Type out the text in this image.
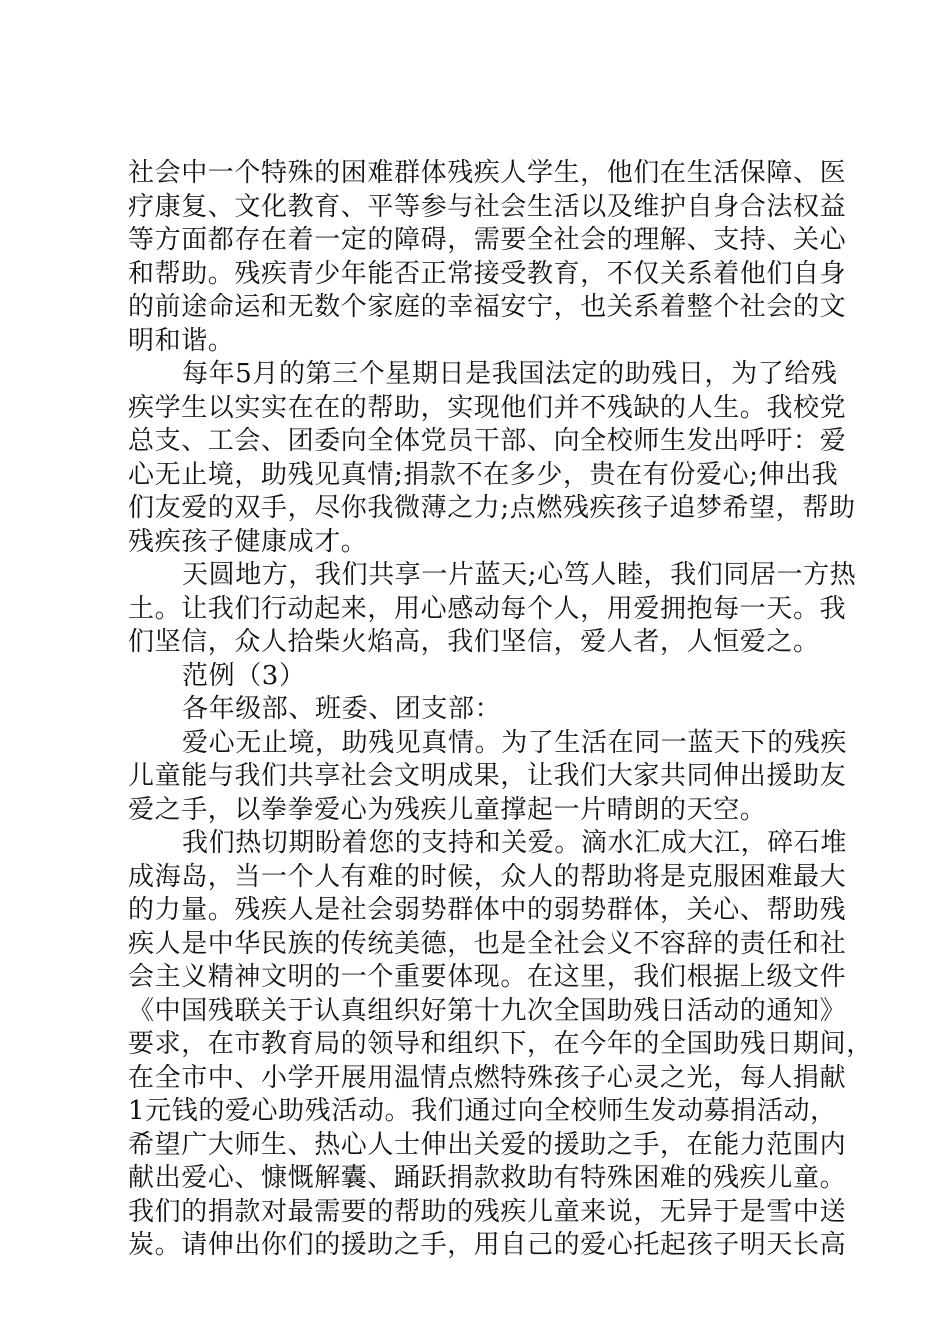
社会中一个特殊的困难群体残疾人学生，他们在生活保障、医
疗康复、文化教育、平等参与社会生活以及维护自身合法权益
等方面都存在着一定的障碍，需要全社会的理解、支持、关心
和帮助。残疾青少年能否正常接受教育，不仅关系着他们自身
的前途命运和无数个家庭的幸福安宁，也关系着整个社会的文
明和谐。
每年5月的第三个星期日是我国法定的助残日，为了给残
疾学生以实实在在的帮助，实现他们并不残缺的人生。我校党
总支、工会、团委向全体党员干部、向全校师生发出呼吁：爱
心无止境，助残见真情;捐款不在多少，贵在有份爱心;伸出我
们友爱的双手，尽你我微薄之力;点燃残疾孩子追梦希望，帮助
残疾孩子健康成才。
天圆地方，我们共享一片蓝天;心笃人睦，我们同居一方热
土。让我们行动起来，用心感动每个人，用爱拥抱每一天。我
们坚信，众人拾柴火焰高，我们坚信，爱人者，人恒爱之。
范例（3）
各年级部、班委、团支部：
爱心无止境，助残见真情。为了生活在同一蓝天下的残疾
儿童能与我们共享社会文明成果，让我们大家共同伸出援助友
爱之手，以拳拳爱心为残疾儿童撑起一片晴朗的天空。
我们热切期盼着您的支持和关爱。滴水汇成大江，碎石堆
成海岛，当一个人有难的时候，众人的帮助将是克服困难最大
的力量。残疾人是社会弱势群体中的弱势群体，关心、帮助残
疾人是中华民族的传统美德，也是全社会义不容辞的责任和社
会主义精神文明的一个重要体现。在这里，我们根据上级文件
《中国残联关于认真组织好第十九次全国助残日活动的通知》
要求，在市教育局的领导和组织下，在今年的全国助残日期间，
在全市中、小学开展用温情点燃特殊孩子心灵之光，每人捐献
1元钱的爱心助残活动。我们通过向全校师生发动募捐活动，
希望广大师生、热心人士伸出关爱的援助之手，在能力范围内
献出爱心、慷慨解囊、踊跃捐款救助有特殊困难的残疾儿童。
我们的捐款对最需要的帮助的残疾儿童来说，无异于是雪中送
炭。请伸出你们的援助之手，用自己的爱心托起孩子明天长高
